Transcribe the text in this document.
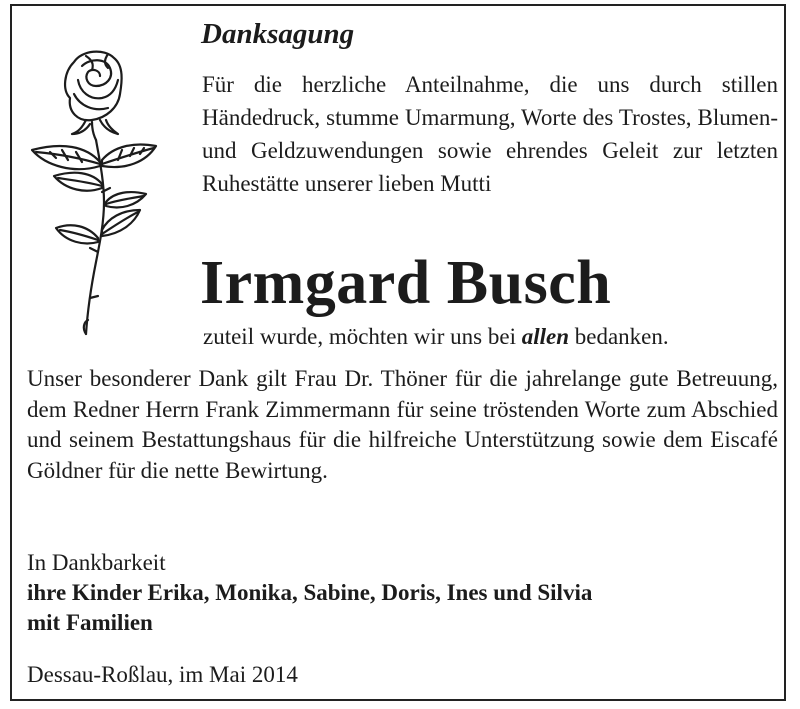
Danksagung

Für die herzliche Anteilnahme, die uns durch stillen Händedruck, stumme Umarmung, Worte des Trostes, Blumen- und Geldzuwendungen sowie ehrendes Geleit zur letzten Ruhestätte unserer lieben Mutti

Irmgard Busch

zuteil wurde, möchten wir uns bei allen bedanken.

Unser besonderer Dank gilt Frau Dr. Thöner für die jahrelange gute Betreuung, dem Redner Herrn Frank Zimmermann für seine tröstenden Worte zum Abschied und seinem Bestattungshaus für die hilfreiche Unterstützung sowie dem Eiscafé Göldner für die nette Bewirtung.

In Dankbarkeit
ihre Kinder Erika, Monika, Sabine, Doris, Ines und Silvia
mit Familien

Dessau-Roßlau, im Mai 2014
